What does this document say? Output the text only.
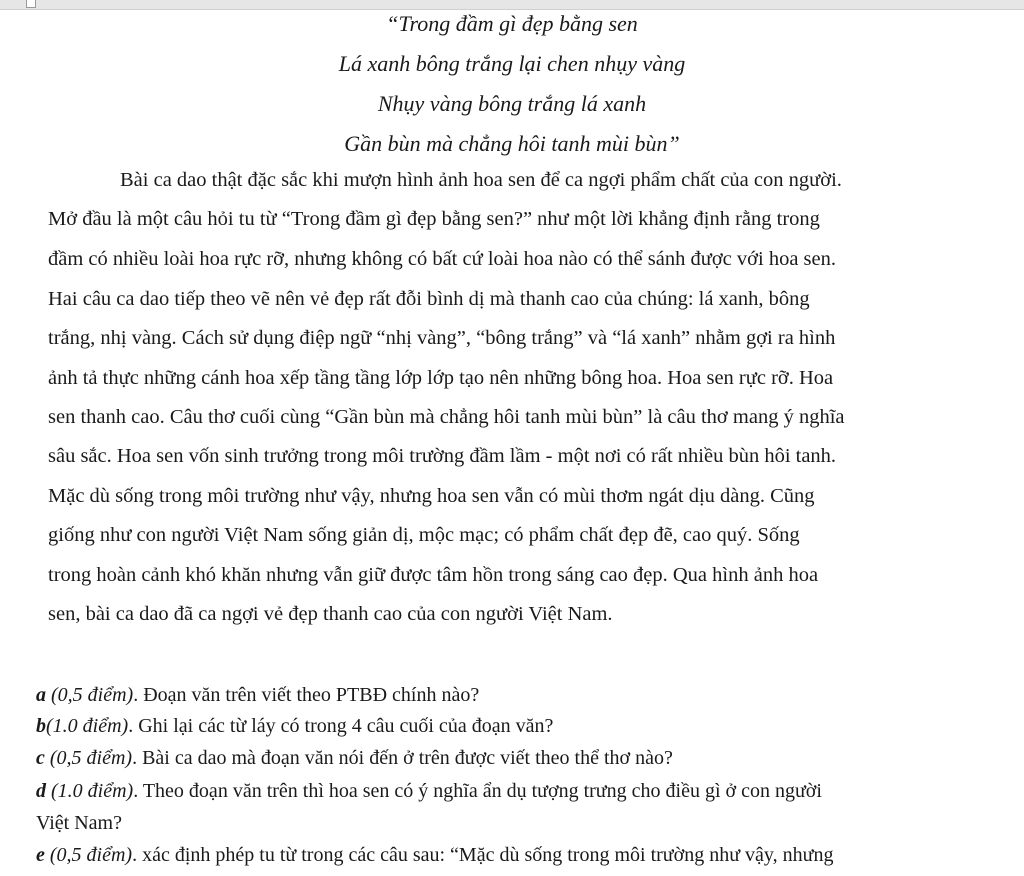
“Trong đầm gì đẹp bằng sen
Lá xanh bông trắng lại chen nhụy vàng
Nhụy vàng bông trắng lá xanh
Gần bùn mà chẳng hôi tanh mùi bùn”
Bài ca dao thật đặc sắc khi mượn hình ảnh hoa sen để ca ngợi phẩm chất của con người.
Mở đầu là một câu hỏi tu từ “Trong đầm gì đẹp bằng sen?” như một lời khẳng định rằng trong
đầm có nhiều loài hoa rực rỡ, nhưng không có bất cứ loài hoa nào có thể sánh được với hoa sen.
Hai câu ca dao tiếp theo vẽ nên vẻ đẹp rất đỗi bình dị mà thanh cao của chúng: lá xanh, bông
trắng, nhị vàng. Cách sử dụng điệp ngữ “nhị vàng”, “bông trắng” và “lá xanh” nhằm gợi ra hình
ảnh tả thực những cánh hoa xếp tầng tầng lớp lớp tạo nên những bông hoa. Hoa sen rực rỡ. Hoa
sen thanh cao. Câu thơ cuối cùng “Gần bùn mà chẳng hôi tanh mùi bùn” là câu thơ mang ý nghĩa
sâu sắc. Hoa sen vốn sinh trưởng trong môi trường đầm lầm - một nơi có rất nhiều bùn hôi tanh.
Mặc dù sống trong môi trường như vậy, nhưng hoa sen vẫn có mùi thơm ngát dịu dàng. Cũng
giống như con người Việt Nam sống giản dị, mộc mạc; có phẩm chất đẹp đẽ, cao quý. Sống
trong hoàn cảnh khó khăn nhưng vẫn giữ được tâm hồn trong sáng cao đẹp. Qua hình ảnh hoa
sen, bài ca dao đã ca ngợi vẻ đẹp thanh cao của con người Việt Nam.
a (0,5 điểm). Đoạn văn trên viết theo PTBĐ chính nào?
b(1.0 điểm). Ghi lại các từ láy có trong 4 câu cuối của đoạn văn?
c (0,5 điểm). Bài ca dao mà đoạn văn nói đến ở trên được viết theo thể thơ nào?
d (1.0 điểm). Theo đoạn văn trên thì hoa sen có ý nghĩa ẩn dụ tượng trưng cho điều gì ở con người
Việt Nam?
e (0,5 điểm). xác định phép tu từ trong các câu sau: “Mặc dù sống trong môi trường như vậy, nhưng
